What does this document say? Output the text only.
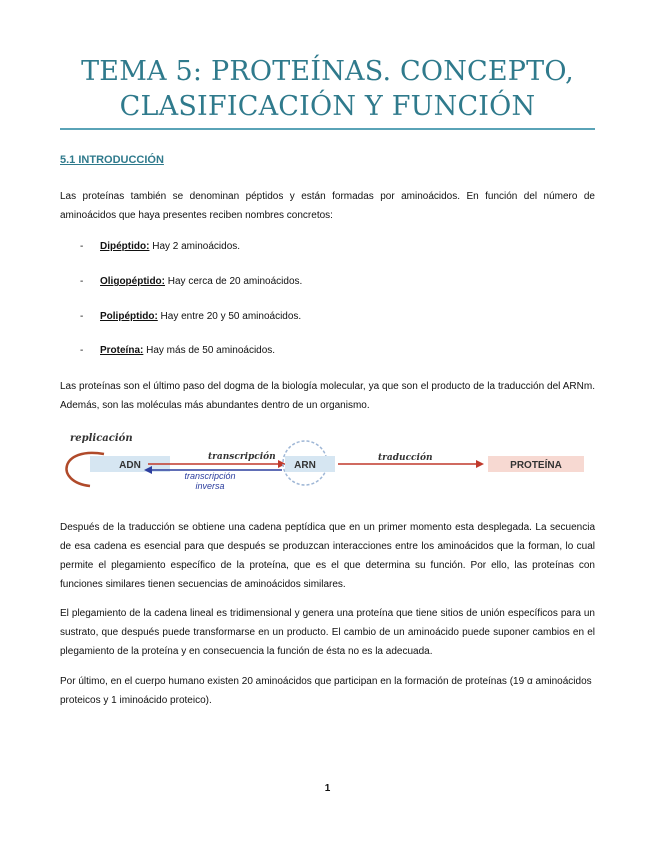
TEMA 5: PROTEÍNAS. CONCEPTO,
CLASIFICACIÓN Y FUNCIÓN
5.1 INTRODUCCIÓN
Las proteínas también se denominan péptidos y están formadas por aminoácidos. En función del número de aminoácidos que haya presentes reciben nombres concretos:
- Dipéptido: Hay 2 aminoácidos.
- Oligopéptido: Hay cerca de 20 aminoácidos.
- Polipéptido: Hay entre 20 y 50 aminoácidos.
- Proteína: Hay más de 50 aminoácidos.
Las proteínas son el último paso del dogma de la biología molecular, ya que son el producto de la traducción del ARNm. Además, son las moléculas más abundantes dentro de un organismo.
replicación
ADN
transcripción
transcripción
inversa
ARN
traducción
PROTEÍNA
Después de la traducción se obtiene una cadena peptídica que en un primer momento esta desplegada. La secuencia de esa cadena es esencial para que después se produzcan interacciones entre los aminoácidos que la forman, lo cual permite el plegamiento específico de la proteína, que es el que determina su función. Por ello, las proteínas con funciones similares tienen secuencias de aminoácidos similares.
El plegamiento de la cadena lineal es tridimensional y genera una proteína que tiene sitios de unión específicos para un sustrato, que después puede transformarse en un producto. El cambio de un aminoácido puede suponer cambios en el plegamiento de la proteína y en consecuencia la función de ésta no es la adecuada.
Por último, en el cuerpo humano existen 20 aminoácidos que participan en la formación de proteínas (19 α aminoácidos proteicos y 1 iminoácido proteico).
1
